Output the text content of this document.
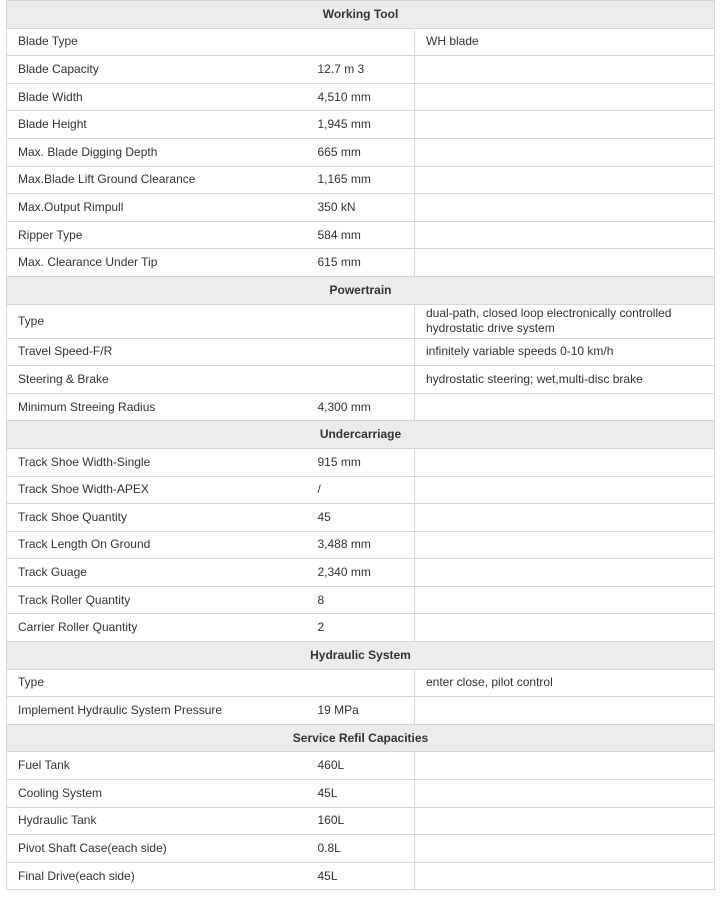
Working Tool		
Blade Type		WH blade
Blade Capacity	12.7 m 3	
Blade Width	4,510 mm	
Blade Height	1,945 mm	
Max. Blade Digging Depth	665 mm	
Max.Blade Lift Ground Clearance	1,165 mm	
Max.Output Rimpull	350 kN	
Ripper Type	584 mm	
Max. Clearance Under Tip	615 mm	
Powertrain		
Type		dual-path, closed loop electronically controlled hydrostatic drive system
Travel Speed-F/R		infinitely variable speeds 0-10 km/h
Steering & Brake		hydrostatic steering; wet,multi-disc brake
Minimum Streeing Radius	4,300 mm	
Undercarriage		
Track Shoe Width-Single	915 mm	
Track Shoe Width-APEX	/	
Track Shoe Quantity	45	
Track Length On Ground	3,488 mm	
Track Guage	2,340 mm	
Track Roller Quantity	8	
Carrier Roller Quantity	2	
Hydraulic System		
Type		enter close, pilot control
Implement Hydraulic System Pressure	19 MPa	
Service Refil Capacities		
Fuel Tank	460L	
Cooling System	45L	
Hydraulic Tank	160L	
Pivot Shaft Case(each side)	0.8L	
Final Drive(each side)	45L	
